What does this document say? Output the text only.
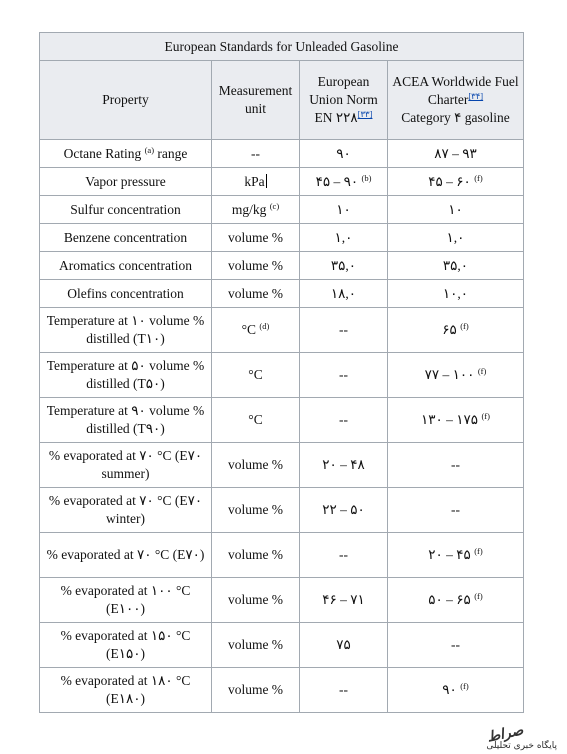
European Standards for Unleaded Gasoline			
Property	Measurement unit	European Union Norm EN ۲۲۸[۳۳]	ACEA Worldwide Fuel Charter[۳۴]
Category ۴ gasoline
Octane Rating $^{(a)}$ range	--	۹۰	۸۷ – ۹۳
Vapor pressure	kPa	۴۵ – ۹۰ $^{(b)}$	۴۵ – ۶۰ $^{(f)}$
Sulfur concentration	mg/kg $^{(c)}$	۱۰	۱۰
Benzene concentration	volume %	۱,۰	۱,۰
Aromatics concentration	volume %	۳۵,۰	۳۵,۰
Olefins concentration	volume %	۱۸,۰	۱۰,۰
Temperature at ۱۰ volume % distilled (T۱۰)	°C $^{(d)}$	--	۶۵ $^{(f)}$
Temperature at ۵۰ volume % distilled (T۵۰)	°C	--	۷۷ – ۱۰۰ $^{(f)}$
Temperature at ۹۰ volume % distilled (T۹۰)	°C	--	۱۳۰ – ۱۷۵ $^{(f)}$
% evaporated at ۷۰ °C (E۷۰ summer)	volume %	۲۰ – ۴۸	--
% evaporated at ۷۰ °C (E۷۰ winter)	volume %	۲۲ – ۵۰	--
% evaporated at ۷۰ °C (E۷۰)	volume %	--	۲۰ – ۴۵ $^{(f)}$
% evaporated at ۱۰۰ °C (E۱۰۰)	volume %	۴۶ – ۷۱	۵۰ – ۶۵ $^{(f)}$
% evaporated at ۱۵۰ °C (E۱۵۰)	volume %	۷۵	--
% evaporated at ۱۸۰ °C (E۱۸۰)	volume %	--	۹۰ $^{(f)}$
صراط
پایگاه خبری تحلیلی
